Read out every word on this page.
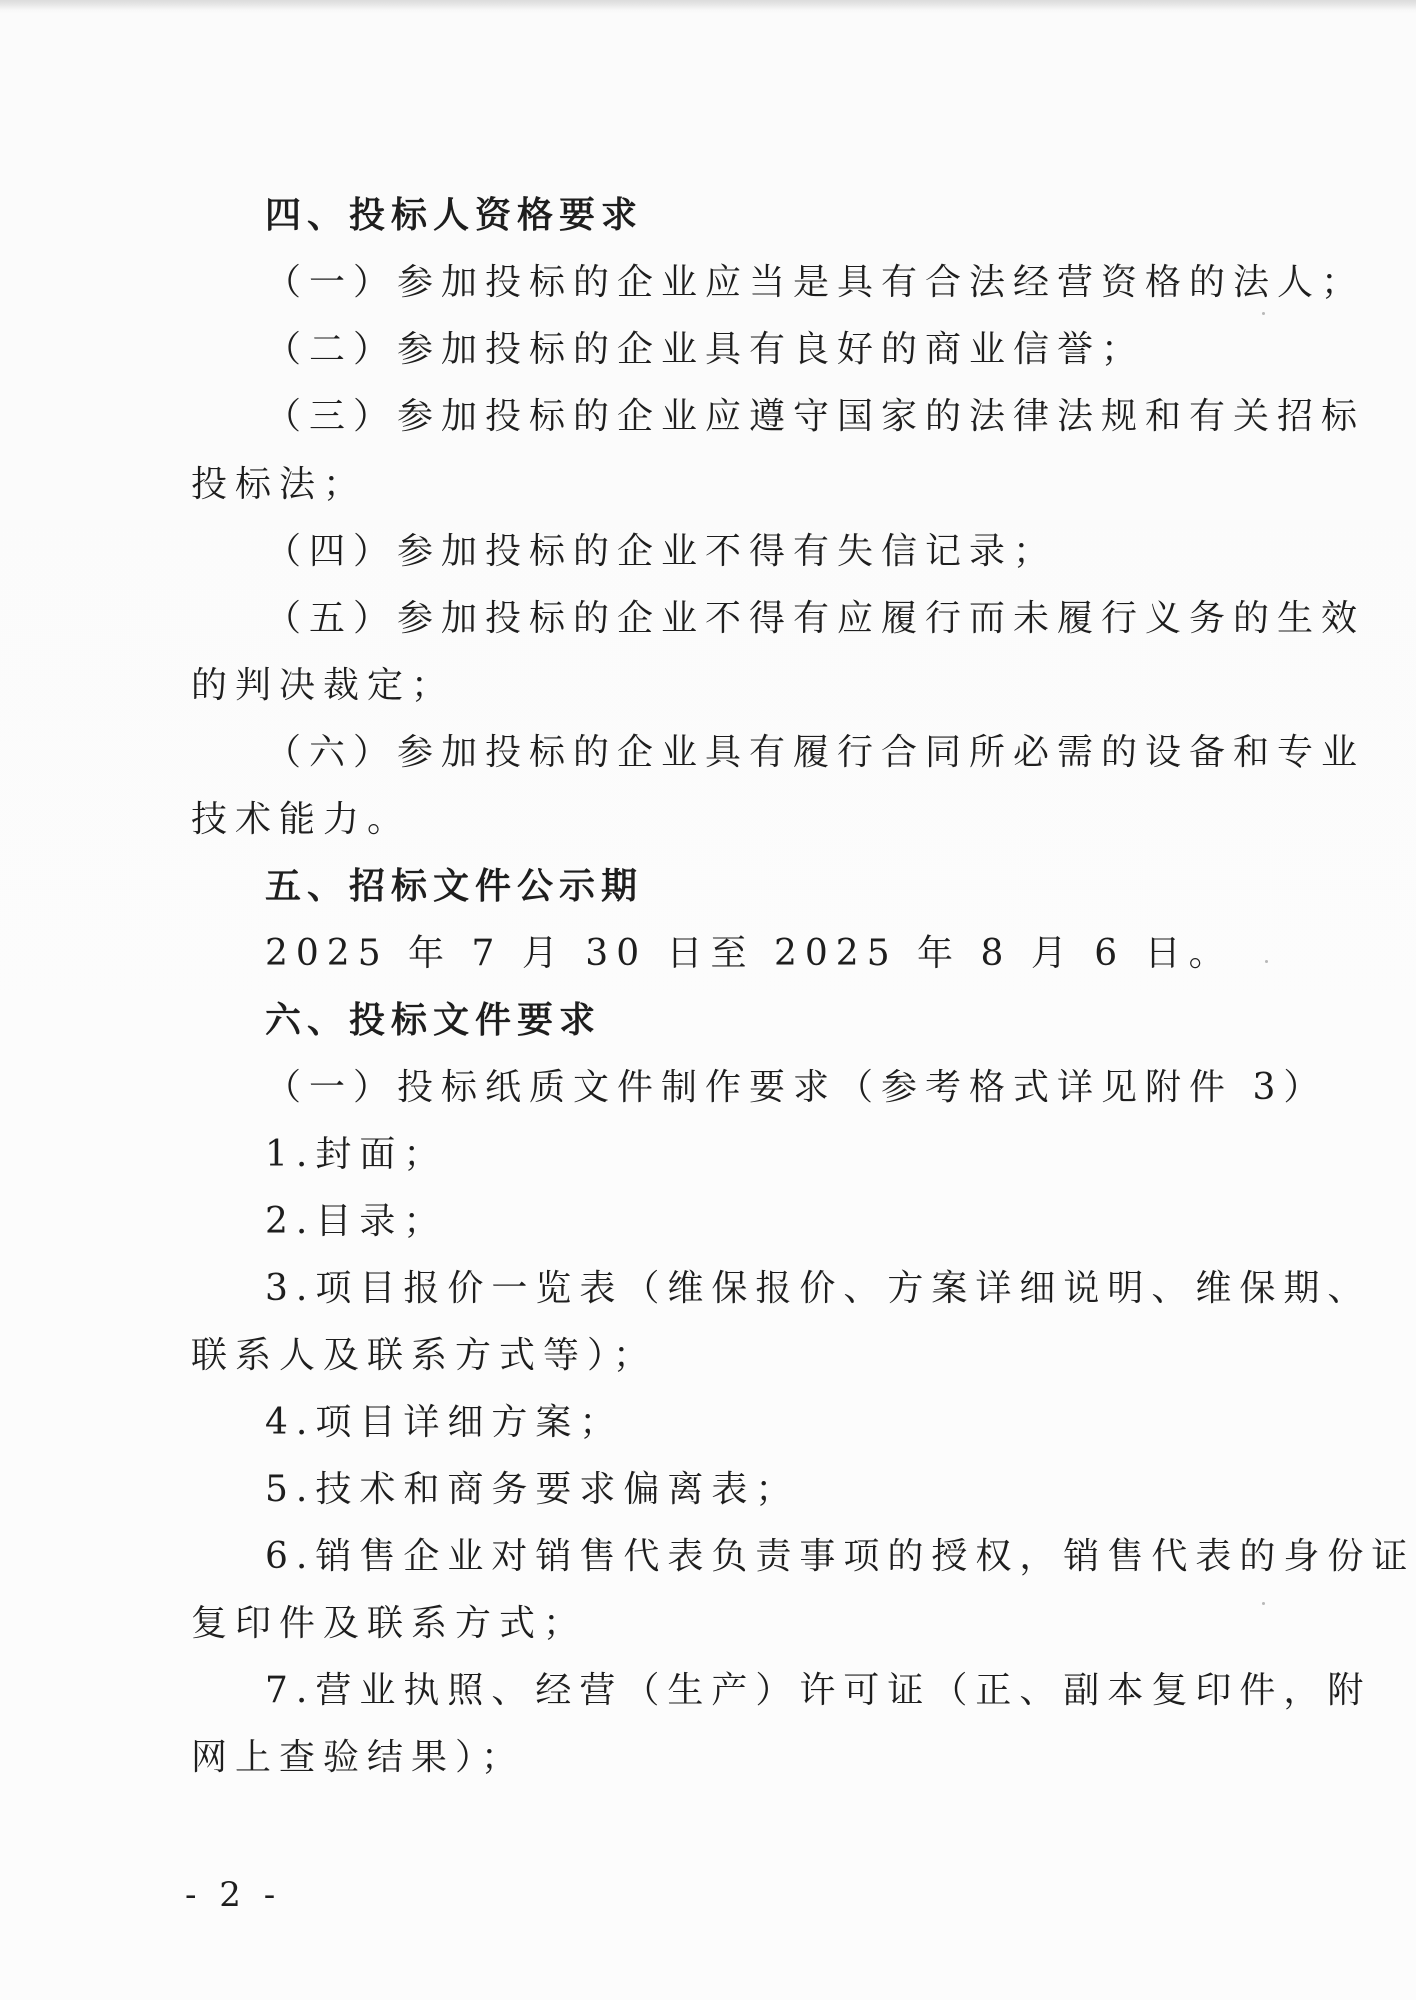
四、投标人资格要求
（一）参加投标的企业应当是具有合法经营资格的法人；
（二）参加投标的企业具有良好的商业信誉；
（三）参加投标的企业应遵守国家的法律法规和有关招标
投标法；
（四）参加投标的企业不得有失信记录；
（五）参加投标的企业不得有应履行而未履行义务的生效
的判决裁定；
（六）参加投标的企业具有履行合同所必需的设备和专业
技术能力。
五、招标文件公示期
2025 年 7 月 30 日至 2025 年 8 月 6 日。
六、投标文件要求
（一）投标纸质文件制作要求（参考格式详见附件 3）
1.封面；
2.目录；
3.项目报价一览表（维保报价、方案详细说明、维保期、
联系人及联系方式等）；
4.项目详细方案；
5.技术和商务要求偏离表；
6.销售企业对销售代表负责事项的授权，销售代表的身份证
复印件及联系方式；
7.营业执照、经营（生产）许可证（正、副本复印件，附
网上查验结果）；
- 2 -
